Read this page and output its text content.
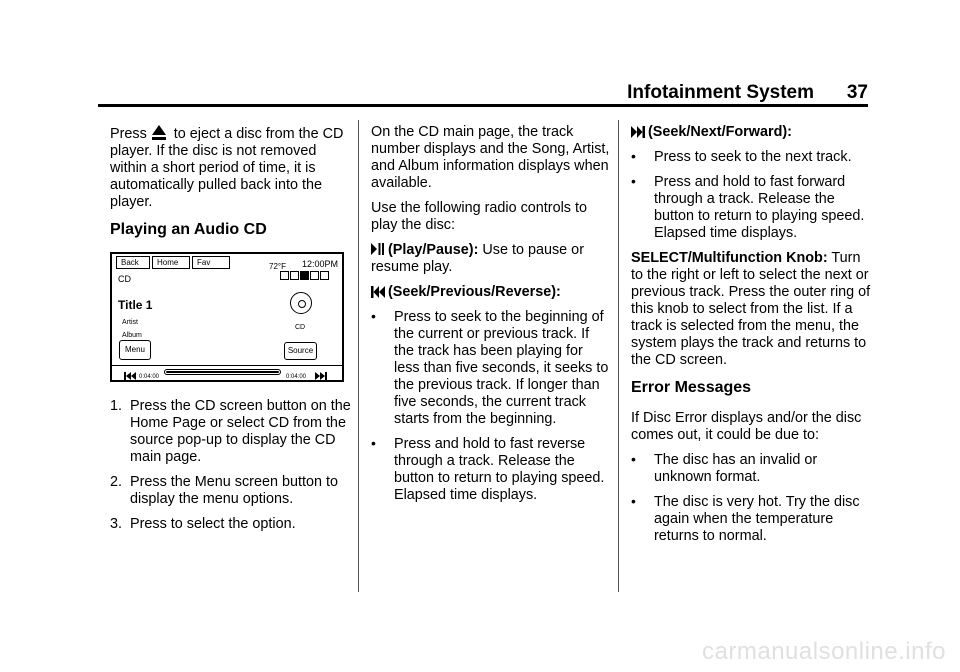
Infotainment System 37

Press to eject a disc from the CD player. If the disc is not removed within a short period of time, it is automatically pulled back into the player.

Playing an Audio CD
Back	Home	Fav	72°F 12:00PM
CD
Title 1
Artist
Album
CD
Menu	Source
0:04:00	0:04:00
1. Press the CD screen button on the Home Page or select CD from the source pop-up to display the CD main page.
2. Press the Menu screen button to display the menu options.
3. Press to select the option.

On the CD main page, the track number displays and the Song, Artist, and Album information displays when available.

Use the following radio controls to play the disc:

(Play/Pause): Use to pause or resume play.

(Seek/Previous/Reverse):

• Press to seek to the beginning of the current or previous track. If the track has been playing for less than five seconds, it seeks to the previous track. If longer than five seconds, the current track starts from the beginning.
• Press and hold to fast reverse through a track. Release the button to return to playing speed. Elapsed time displays.

(Seek/Next/Forward):

• Press to seek to the next track.
• Press and hold to fast forward through a track. Release the button to return to playing speed. Elapsed time displays.

SELECT/Multifunction Knob: Turn to the right or left to select the next or previous track. Press the outer ring of this knob to select from the list. If a track is selected from the menu, the system plays the track and returns to the CD screen.

Error Messages

If Disc Error displays and/or the disc comes out, it could be due to:

• The disc has an invalid or unknown format.
• The disc is very hot. Try the disc again when the temperature returns to normal.
carmanualsonline.info
